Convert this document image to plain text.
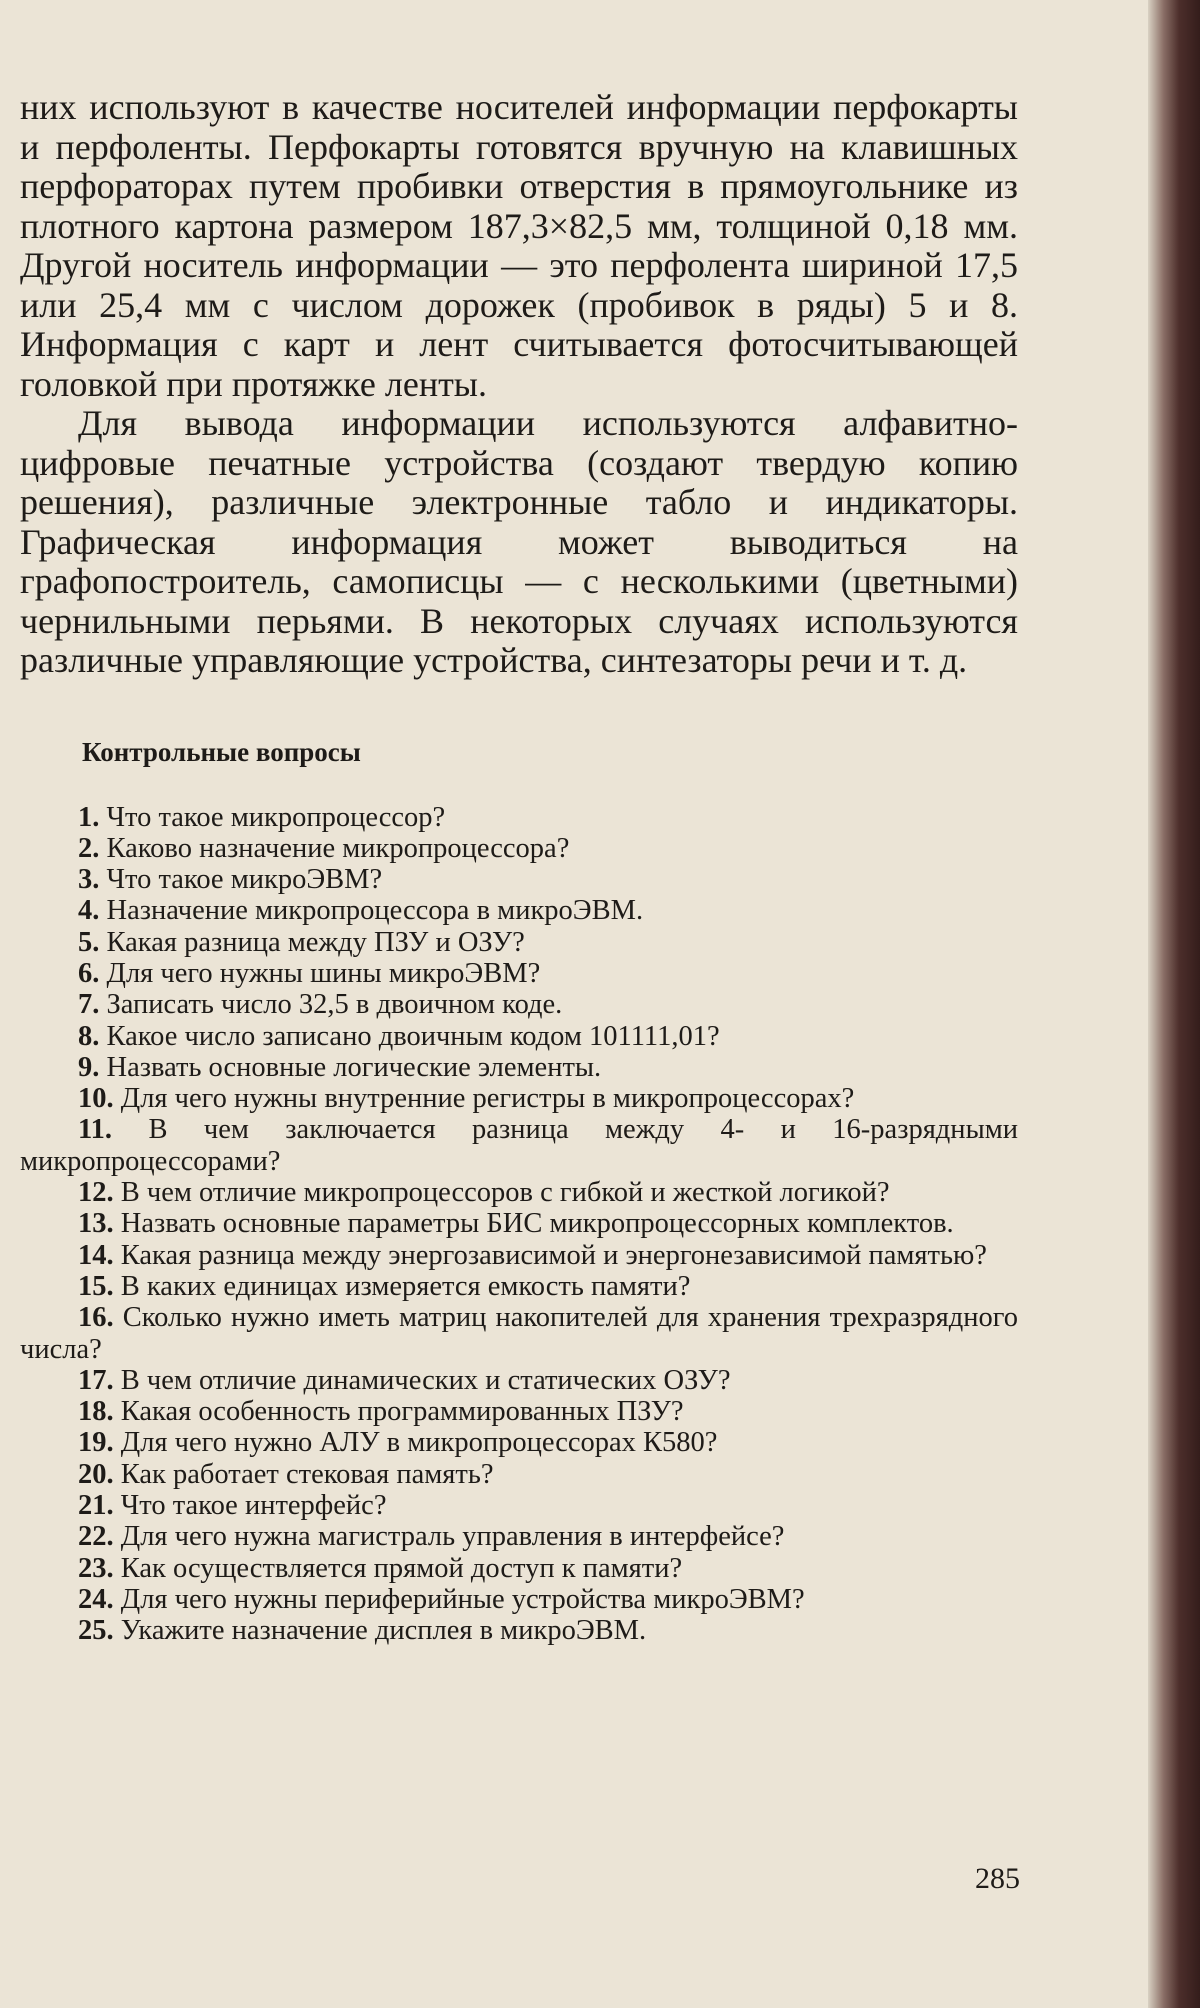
них используют в качестве носителей информации перфокарты и перфоленты. Перфокарты готовятся вручную на клавишных перфораторах путем пробивки отверстия в прямоугольнике из плотного картона размером 187,3×82,5 мм, толщиной 0,18 мм. Другой носитель информации — это перфолента шириной 17,5 или 25,4 мм с числом дорожек (пробивок в ряды) 5 и 8. Информация с карт и лент считывается фотосчитывающей головкой при протяжке ленты.

Для вывода информации используются алфавитно-цифровые печатные устройства (создают твердую копию решения), различные электронные табло и индикаторы. Графическая информация может выводиться на графопостроитель, самописцы — с несколькими (цветными) чернильными перьями. В некоторых случаях используются различные управляющие устройства, синтезаторы речи и т. д.

Контрольные вопросы
1. Что такое микропроцессор?
2. Каково назначение микропроцессора?
3. Что такое микроЭВМ?
4. Назначение микропроцессора в микроЭВМ.
5. Какая разница между ПЗУ и ОЗУ?
6. Для чего нужны шины микроЭВМ?
7. Записать число 32,5 в двоичном коде.
8. Какое число записано двоичным кодом 101111,01?
9. Назвать основные логические элементы.
10. Для чего нужны внутренние регистры в микропроцессорах?
11. В чем заключается разница между 4- и 16-разрядными микропроцессорами?
12. В чем отличие микропроцессоров с гибкой и жесткой логикой?
13. Назвать основные параметры БИС микропроцессорных комплектов.
14. Какая разница между энергозависимой и энергонезависимой памятью?
15. В каких единицах измеряется емкость памяти?
16. Сколько нужно иметь матриц накопителей для хранения трехразрядного числа?
17. В чем отличие динамических и статических ОЗУ?
18. Какая особенность программированных ПЗУ?
19. Для чего нужно АЛУ в микропроцессорах К580?
20. Как работает стековая память?
21. Что такое интерфейс?
22. Для чего нужна магистраль управления в интерфейсе?
23. Как осуществляется прямой доступ к памяти?
24. Для чего нужны периферийные устройства микроЭВМ?
25. Укажите назначение дисплея в микроЭВМ.
285
